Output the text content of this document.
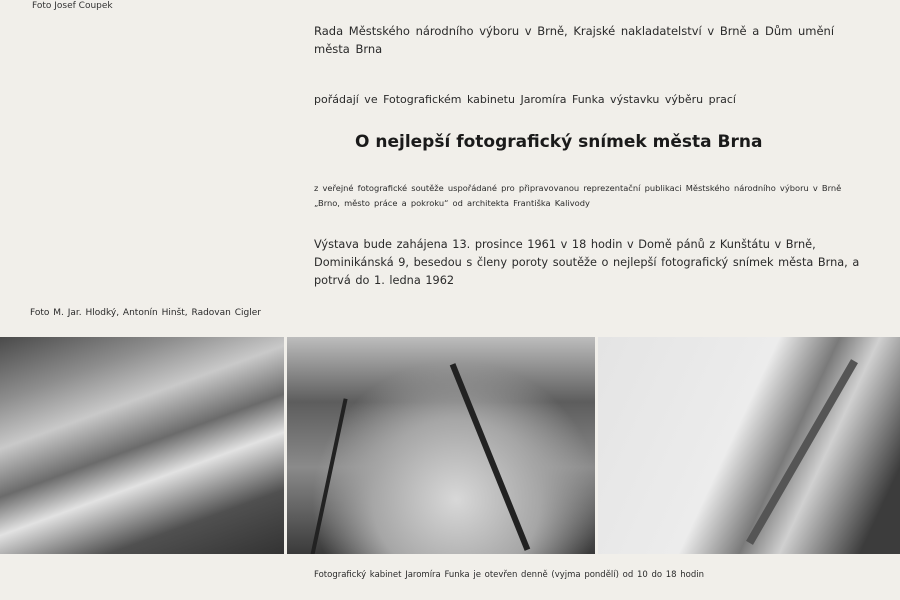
Foto Josef Coupek
Rada Městského národního výboru v Brně, Krajské nakladatelství v Brně a Dům umění města Brna
pořádají ve Fotografickém kabinetu Jaromíra Funka výstavku výběru prací
O nejlepší fotografický snímek města Brna
z veřejné fotografické soutěže uspořádané pro připravovanou reprezentační publikaci Městského národního výboru v Brně „Brno, město práce a pokroku“ od architekta Františka Kalivody
Výstava bude zahájena 13. prosince 1961 v 18 hodin v Domě pánů z Kunštátu v Brně, Dominikánská 9, besedou s členy poroty soutěže o nejlepší fotografický snímek města Brna, a potrvá do 1. ledna 1962
Foto M. Jar. Hlodký, Antonín Hinšt, Radovan Cigler
Fotografický kabinet Jaromíra Funka je otevřen denně (vyjma pondělí) od 10 do 18 hodin
